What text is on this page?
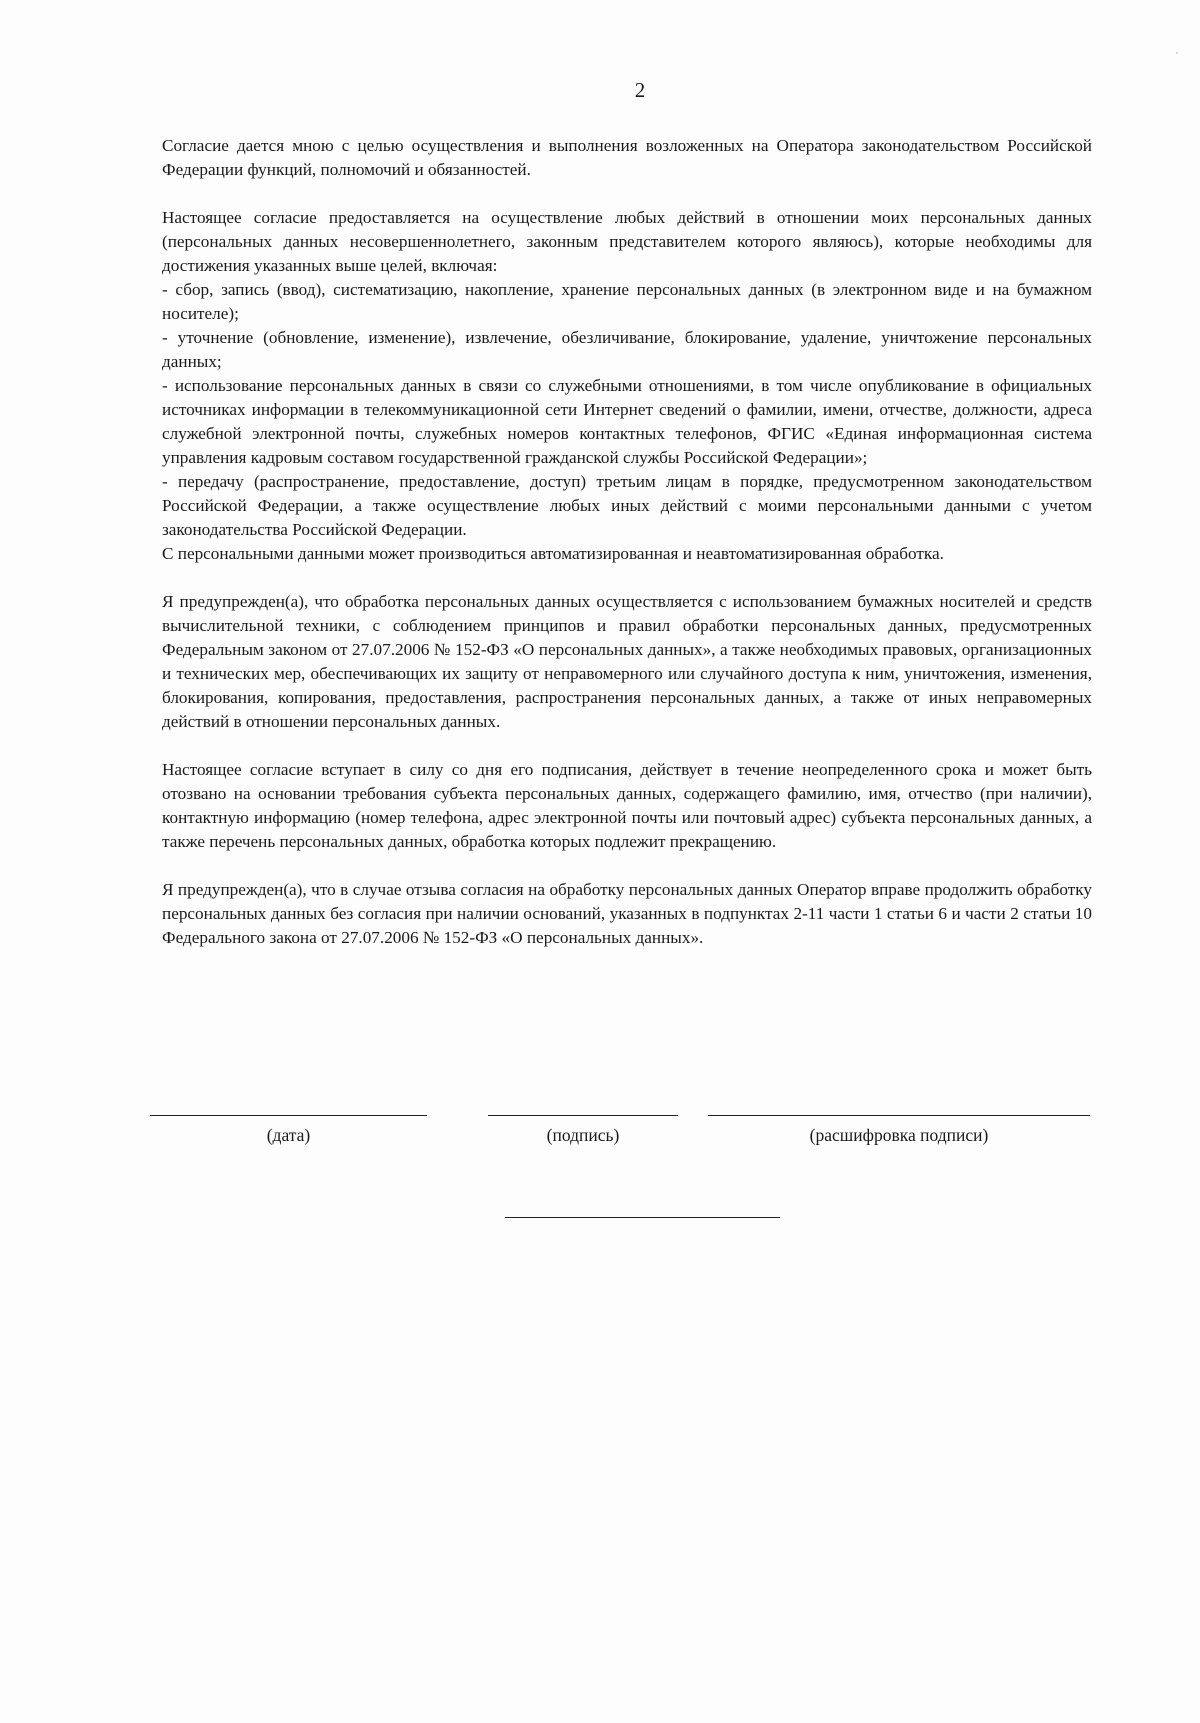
2

Согласие дается мною с целью осуществления и выполнения возложенных на Оператора законодательством Российской Федерации функций, полномочий и обязанностей.

Настоящее согласие предоставляется на осуществление любых действий в отношении моих персональных данных (персональных данных несовершеннолетнего, законным представителем которого являюсь), которые необходимы для достижения указанных выше целей, включая:

- сбор, запись (ввод), систематизацию, накопление, хранение персональных данных (в электронном виде и на бумажном носителе);

- уточнение (обновление, изменение), извлечение, обезличивание, блокирование, удаление, уничтожение персональных данных;

- использование персональных данных в связи со служебными отношениями, в том числе опубликование в официальных источниках информации в телекоммуникационной сети Интернет сведений о фамилии, имени, отчестве, должности, адреса служебной электронной почты, служебных номеров контактных телефонов, ФГИС «Единая информационная система управления кадровым составом государственной гражданской службы Российской Федерации»;

- передачу (распространение, предоставление, доступ) третьим лицам в порядке, предусмотренном законодательством Российской Федерации, а также осуществление любых иных действий с моими персональными данными с учетом законодательства Российской Федерации.

С персональными данными может производиться автоматизированная и неавтоматизированная обработка.

Я предупрежден(а), что обработка персональных данных осуществляется с использованием бумажных носителей и средств вычислительной техники, с соблюдением принципов и правил обработки персональных данных, предусмотренных Федеральным законом от 27.07.2006 № 152-ФЗ «О персональных данных», а также необходимых правовых, организационных и технических мер, обеспечивающих их защиту от неправомерного или случайного доступа к ним, уничтожения, изменения, блокирования, копирования, предоставления, распространения персональных данных, а также от иных неправомерных действий в отношении персональных данных.

Настоящее согласие вступает в силу со дня его подписания, действует в течение неопределенного срока и может быть отозвано на основании требования субъекта персональных данных, содержащего фамилию, имя, отчество (при наличии), контактную информацию (номер телефона, адрес электронной почты или почтовый адрес) субъекта персональных данных, а также перечень персональных данных, обработка которых подлежит прекращению.

Я предупрежден(а), что в случае отзыва согласия на обработку персональных данных Оператор вправе продолжить обработку персональных данных без согласия при наличии оснований, указанных в подпунктах 2-11 части 1 статьи 6 и части 2 статьи 10 Федерального закона от 27.07.2006 № 152-ФЗ «О персональных данных».

(дата)	(подпись)	(расшифровка подписи)
